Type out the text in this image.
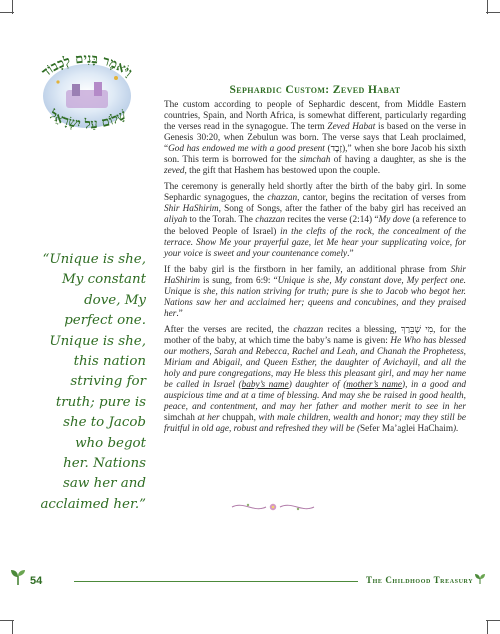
וַיֹּאמֶר בָּנִים לְכָבוֹד
שָׁלוֹם עַל יִשְׂרָאֵל
“Unique is she,
My constant
dove, My
perfect one.
Unique is she,
this nation
striving for
truth; pure is
she to Jacob
who begot
her. Nations
saw her and
acclaimed her.”
Sephardic Custom: Zeved Habat

The custom according to people of Sephardic descent, from Middle Eastern countries, Spain, and North Africa, is somewhat different, particularly regarding the verses read in the synagogue. The term Zeved Habat is based on the verse in Genesis 30:20, when Zebulun was born. The verse says that Leah proclaimed, “God has endowed me with a good present (זֶבֶד),” when she bore Jacob his sixth son. This term is borrowed for the simchah of having a daughter, as she is the zeved, the gift that Hashem has bestowed upon the couple.

The ceremony is generally held shortly after the birth of the baby girl. In some Sephardic synagogues, the chazzan, cantor, begins the recitation of verses from Shir HaShirim, Song of Songs, after the father of the baby girl has received an aliyah to the Torah. The chazzan recites the verse (2:14) “My dove (a reference to the beloved People of Israel) in the clefts of the rock, the concealment of the terrace. Show Me your prayerful gaze, let Me hear your supplicating voice, for your voice is sweet and your countenance comely.”

If the baby girl is the firstborn in her family, an additional phrase from Shir HaShirim is sung, from 6:9: “Unique is she, My constant dove, My perfect one. Unique is she, this nation striving for truth; pure is she to Jacob who begot her. Nations saw her and acclaimed her; queens and concubines, and they praised her.”

After the verses are recited, the chazzan recites a blessing, מִי שֶׁבֵּרַךְ, for the mother of the baby, at which time the baby’s name is given: He Who has blessed our mothers, Sarah and Rebecca, Rachel and Leah, and Chanah the Prophetess, Miriam and Abigail, and Queen Esther, the daughter of Avichayil, and all the holy and pure congregations, may He bless this pleasant girl, and may her name be called in Israel (baby’s name) daughter of (mother’s name), in a good and auspicious time and at a time of blessing. And may she be raised in good health, peace, and contentment, and may her father and mother merit to see in her simchah at her chuppah, with male children, wealth and honor; may they still be fruitful in old age, robust and refreshed they will be (Sefer Ma’aglei HaChaim).

54	The Childhood Treasury
